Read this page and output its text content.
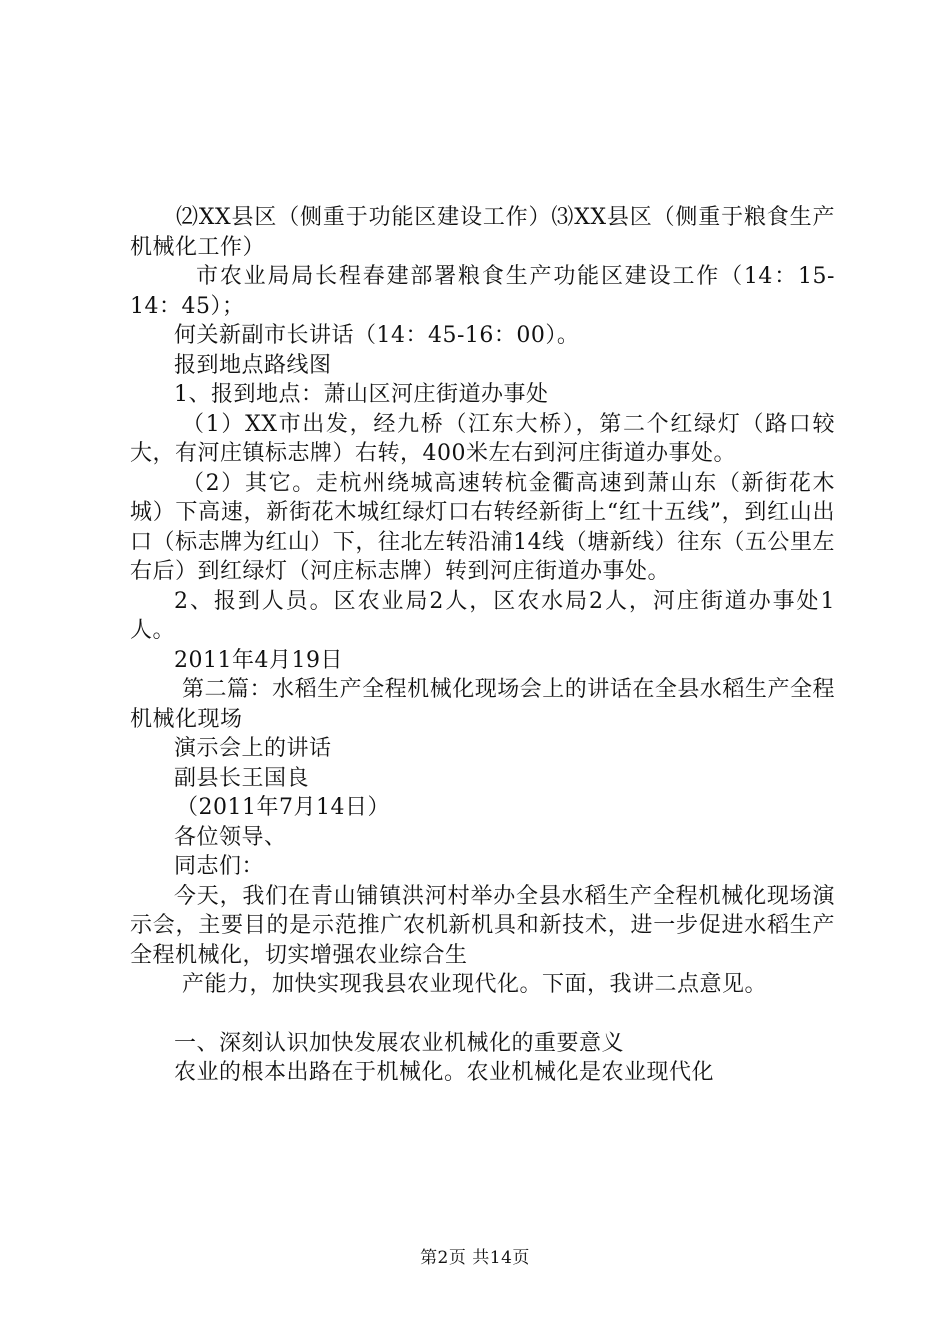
⑵XX县区（侧重于功能区建设工作）⑶XX县区（侧重于粮食生产机械化工作）

市农业局局长程春建部署粮食生产功能区建设工作（14：15-14：45）；

何关新副市长讲话（14：45-16：00）。

报到地点路线图

1、报到地点：萧山区河庄街道办事处

（1）XX市出发，经九桥（江东大桥），第二个红绿灯（路口较大，有河庄镇标志牌）右转，400米左右到河庄街道办事处。

（2）其它。走杭州绕城高速转杭金衢高速到萧山东（新街花木城）下高速，新街花木城红绿灯口右转经新街上“红十五线”，到红山出口（标志牌为红山）下，往北左转沿浦14线（塘新线）往东（五公里左右后）到红绿灯（河庄标志牌）转到河庄街道办事处。

2、报到人员。区农业局2人，区农水局2人，河庄街道办事处1人。

2011年4月19日

第二篇：水稻生产全程机械化现场会上的讲话在全县水稻生产全程机械化现场

演示会上的讲话

副县长王国良

（2011年7月14日）

各位领导、

同志们：

今天，我们在青山铺镇洪河村举办全县水稻生产全程机械化现场演示会，主要目的是示范推广农机新机具和新技术，进一步促进水稻生产全程机械化，切实增强农业综合生

产能力，加快实现我县农业现代化。下面，我讲二点意见。

一、深刻认识加快发展农业机械化的重要意义

农业的根本出路在于机械化。农业机械化是农业现代化

第2页 共14页
